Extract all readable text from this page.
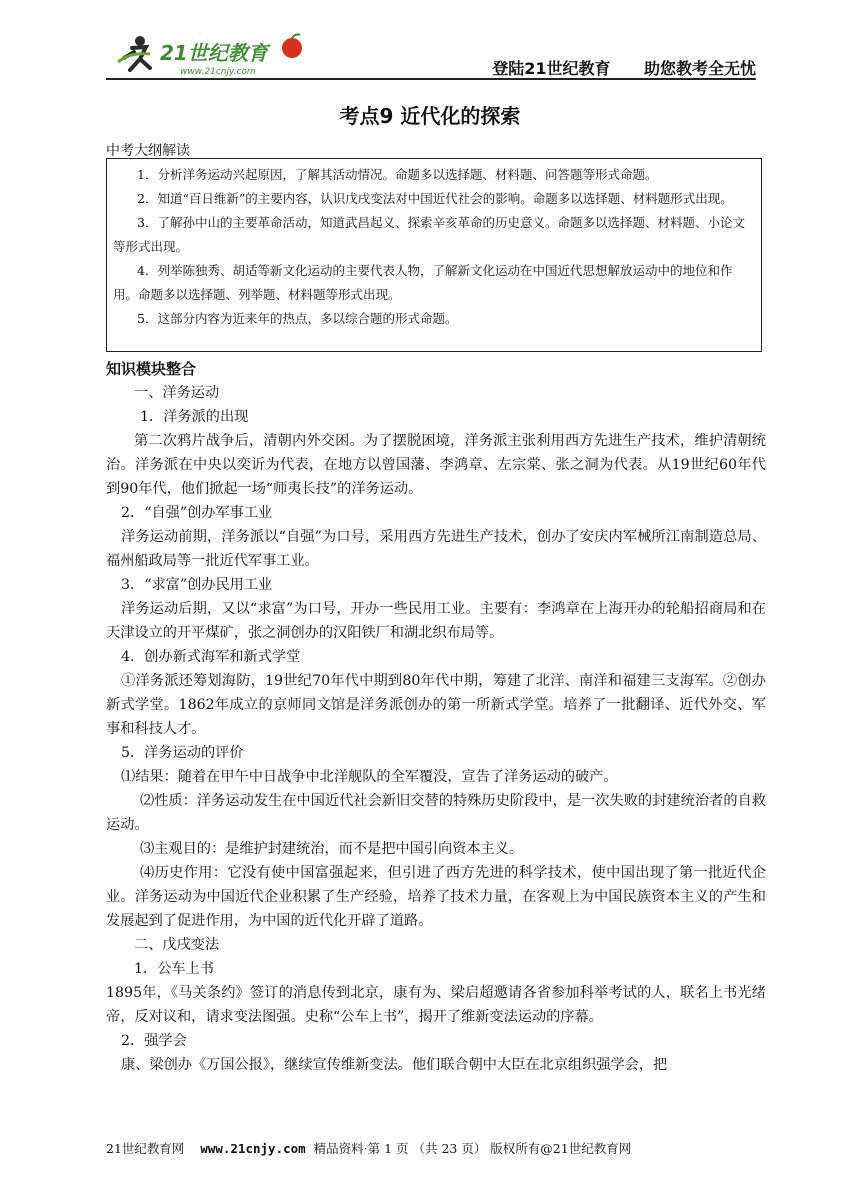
21世纪教育
www.21cnjy.com	登陆21世纪教育 助您教考全无忧
考点9 近代化的探索
中考大纲解读

1．分析洋务运动兴起原因，了解其活动情况。命题多以选择题、材料题、问答题等形式命题。

2．知道“百日维新”的主要内容，认识戊戌变法对中国近代社会的影响。命题多以选择题、材料题形式出现。

3．了解孙中山的主要革命活动，知道武昌起义、探索辛亥革命的历史意义。命题多以选择题、材料题、小论文等形式出现。

4．列举陈独秀、胡适等新文化运动的主要代表人物，了解新文化运动在中国近代思想解放运动中的地位和作用。命题多以选择题、列举题、材料题等形式出现。

5．这部分内容为近来年的热点，多以综合题的形式命题。

知识模块整合

一、洋务运动

1．洋务派的出现

第二次鸦片战争后，清朝内外交困。为了摆脱困境，洋务派主张利用西方先进生产技术，维护清朝统治。洋务派在中央以奕䜣为代表，在地方以曾国藩、李鸿章、左宗棠、张之洞为代表。从19世纪60年代到90年代，他们掀起一场“师夷长技”的洋务运动。

2．“自强”创办军事工业

洋务运动前期，洋务派以“自强”为口号，采用西方先进生产技术，创办了安庆内军械所江南制造总局、福州船政局等一批近代军事工业。

3．“求富”创办民用工业

洋务运动后期，又以“求富”为口号，开办一些民用工业。主要有：李鸿章在上海开办的轮船招商局和在天津设立的开平煤矿，张之洞创办的汉阳铁厂和湖北织布局等。

4．创办新式海军和新式学堂

①洋务派还筹划海防，19世纪70年代中期到80年代中期，筹建了北洋、南洋和福建三支海军。②创办新式学堂。1862年成立的京师同文馆是洋务派创办的第一所新式学堂。培养了一批翻译、近代外交、军事和科技人才。

5．洋务运动的评价

⑴结果：随着在甲午中日战争中北洋舰队的全军覆没，宣告了洋务运动的破产。

⑵性质：洋务运动发生在中国近代社会新旧交替的特殊历史阶段中，是一次失败的封建统治者的自救运动。

⑶主观目的：是维护封建统治，而不是把中国引向资本主义。

⑷历史作用：它没有使中国富强起来，但引进了西方先进的科学技术，使中国出现了第一批近代企业。洋务运动为中国近代企业积累了生产经验，培养了技术力量，在客观上为中国民族资本主义的产生和发展起到了促进作用，为中国的近代化开辟了道路。

二、戊戌变法

1．公车上书

1895年，《马关条约》签订的消息传到北京，康有为、梁启超邀请各省参加科举考试的人，联名上书光绪帝，反对议和，请求变法图强。史称“公车上书”，揭开了维新变法运动的序幕。

2．强学会

康、梁创办《万国公报》，继续宣传维新变法。他们联合朝中大臣在北京组织强学会，把

21世纪教育网 www.21cnjy.com 精品资料·第 1 页 （共 23 页） 版权所有@21世纪教育网
